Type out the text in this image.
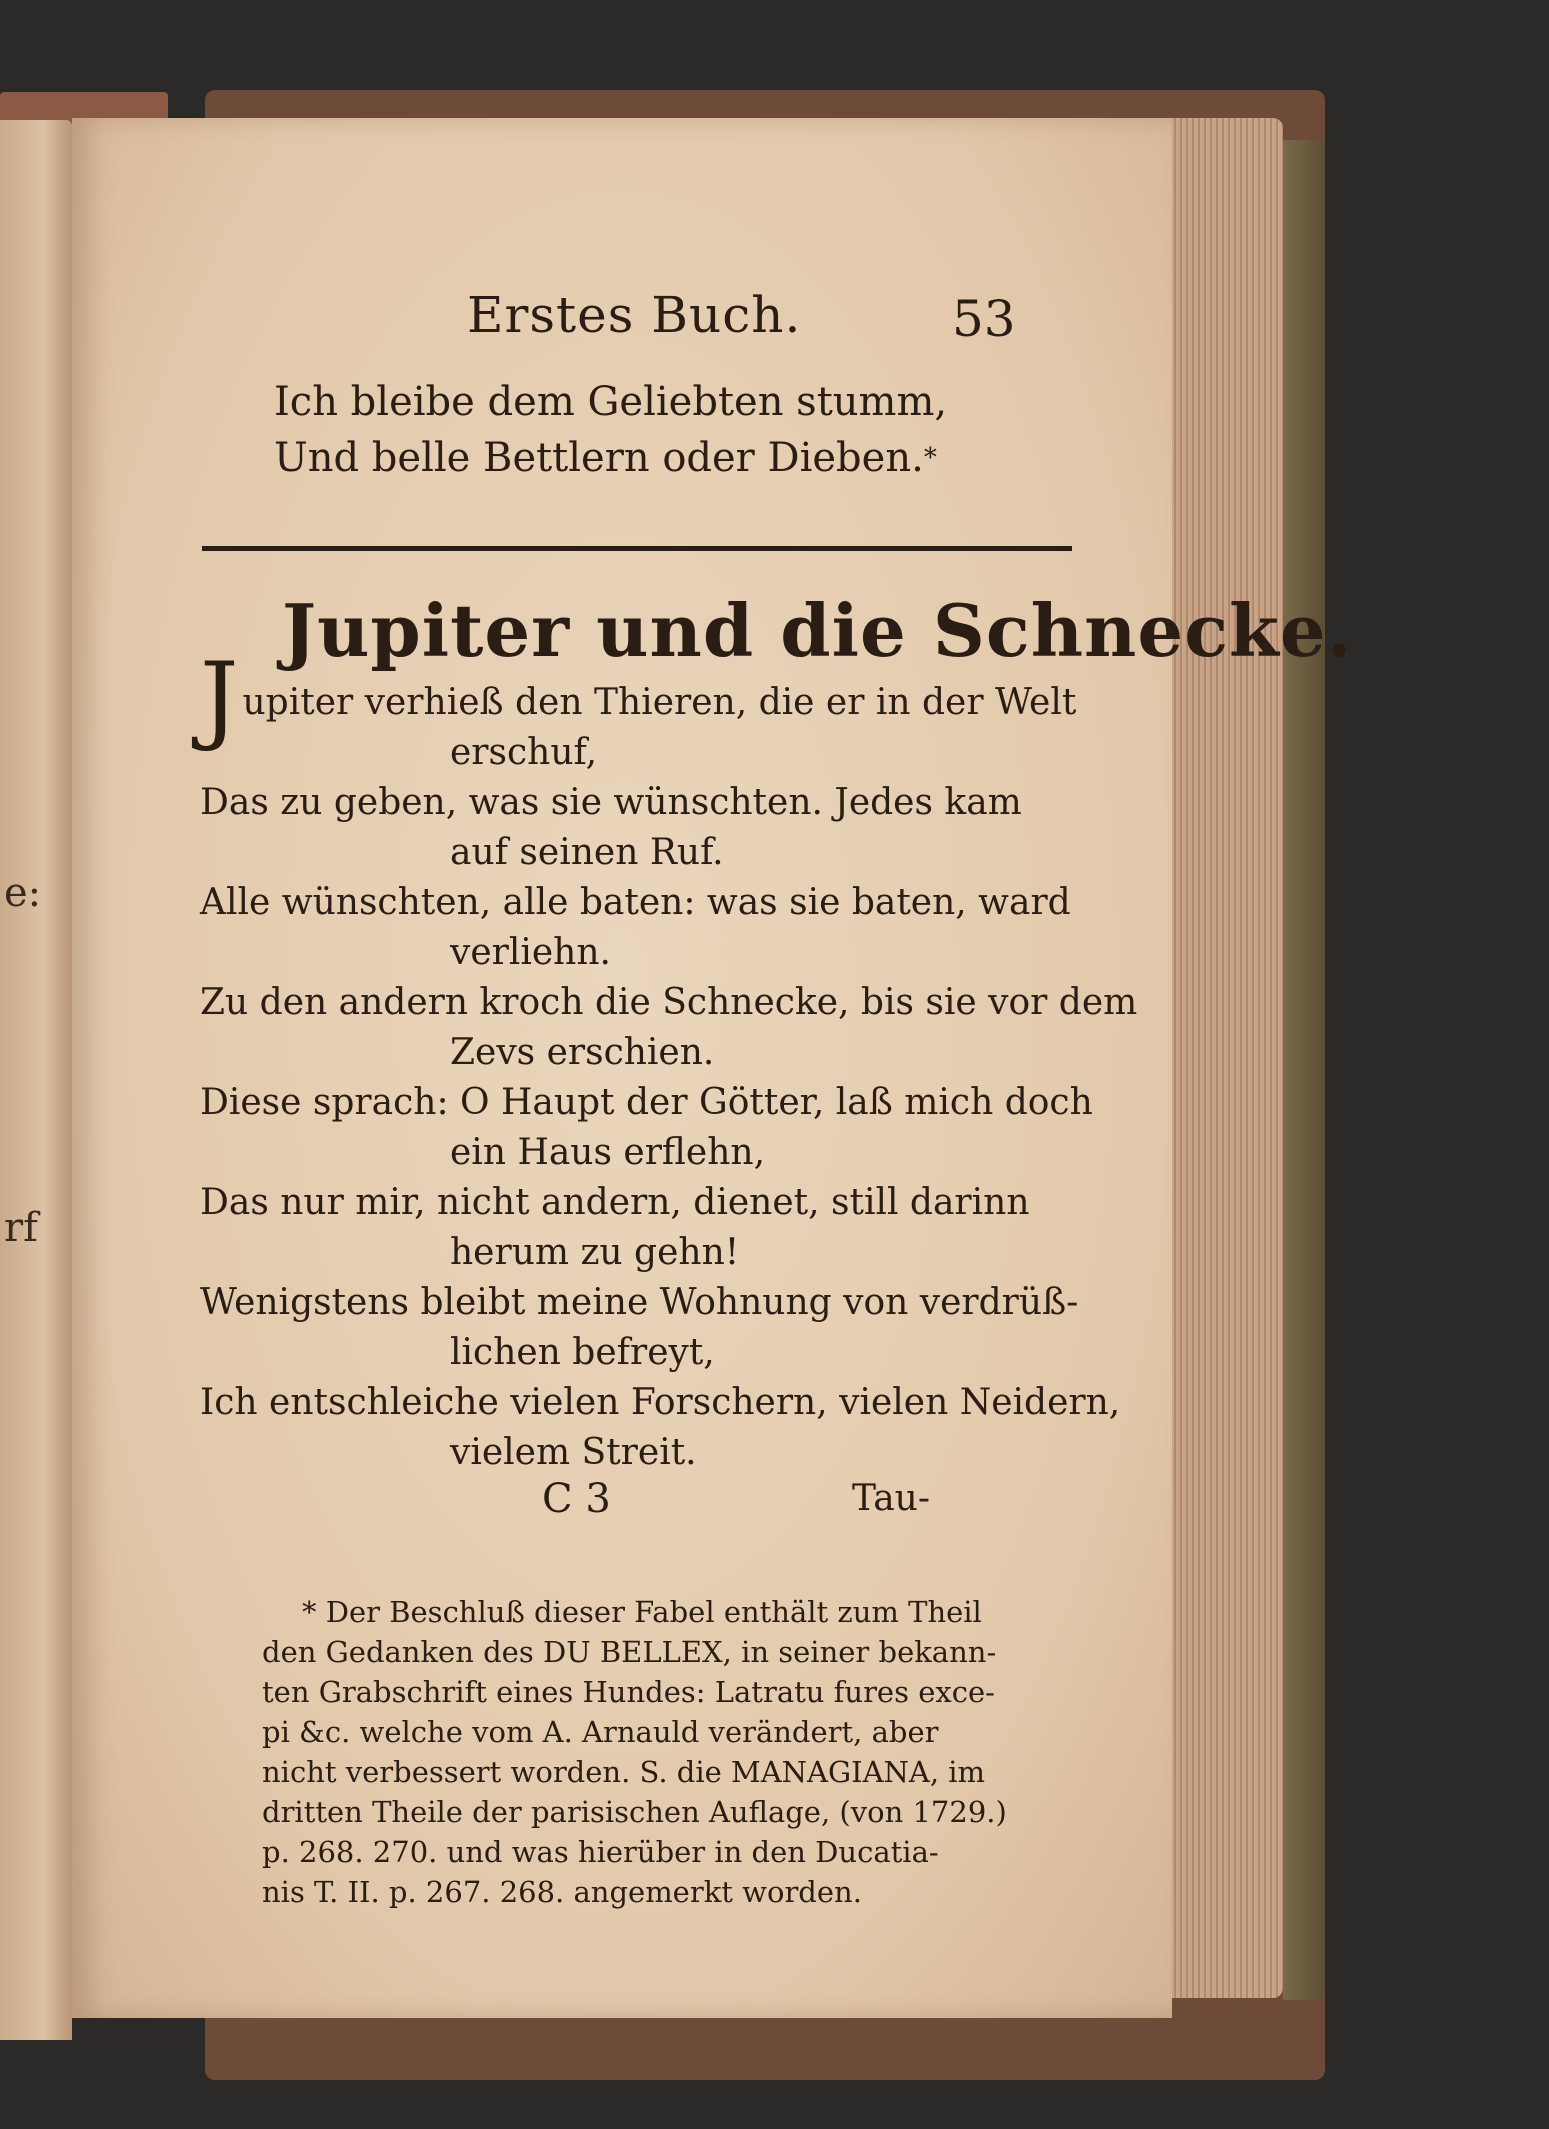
e:
rf
Erstes Buch.	53
Ich bleibe dem Geliebten stumm,
Und belle Bettlern oder Dieben.*
Jupiter und die Schnecke.
J upiter verhieß den Thieren, die er in der Welt
erschuf,
Das zu geben, was sie wünschten. Jedes kam
auf seinen Ruf.
Alle wünschten, alle baten: was sie baten, ward
verliehn.
Zu den andern kroch die Schnecke, bis sie vor dem
Zevs erschien.
Diese sprach: O Haupt der Götter, laß mich doch
ein Haus erflehn,
Das nur mir, nicht andern, dienet, still darinn
herum zu gehn!
Wenigstens bleibt meine Wohnung von verdrüß-
lichen befreyt,
Ich entschleiche vielen Forschern, vielen Neidern,
vielem Streit.
C 3	Tau-
* Der Beschluß dieser Fabel enthält zum Theil
den Gedanken des DU BELLEX, in seiner bekann-
ten Grabschrift eines Hundes: Latratu fures exce-
pi &c. welche vom A. Arnauld verändert, aber
nicht verbessert worden. S. die MANAGIANA, im
dritten Theile der parisischen Auflage, (von 1729.)
p. 268. 270. und was hierüber in den Ducatia-
nis T. II. p. 267. 268. angemerkt worden.
